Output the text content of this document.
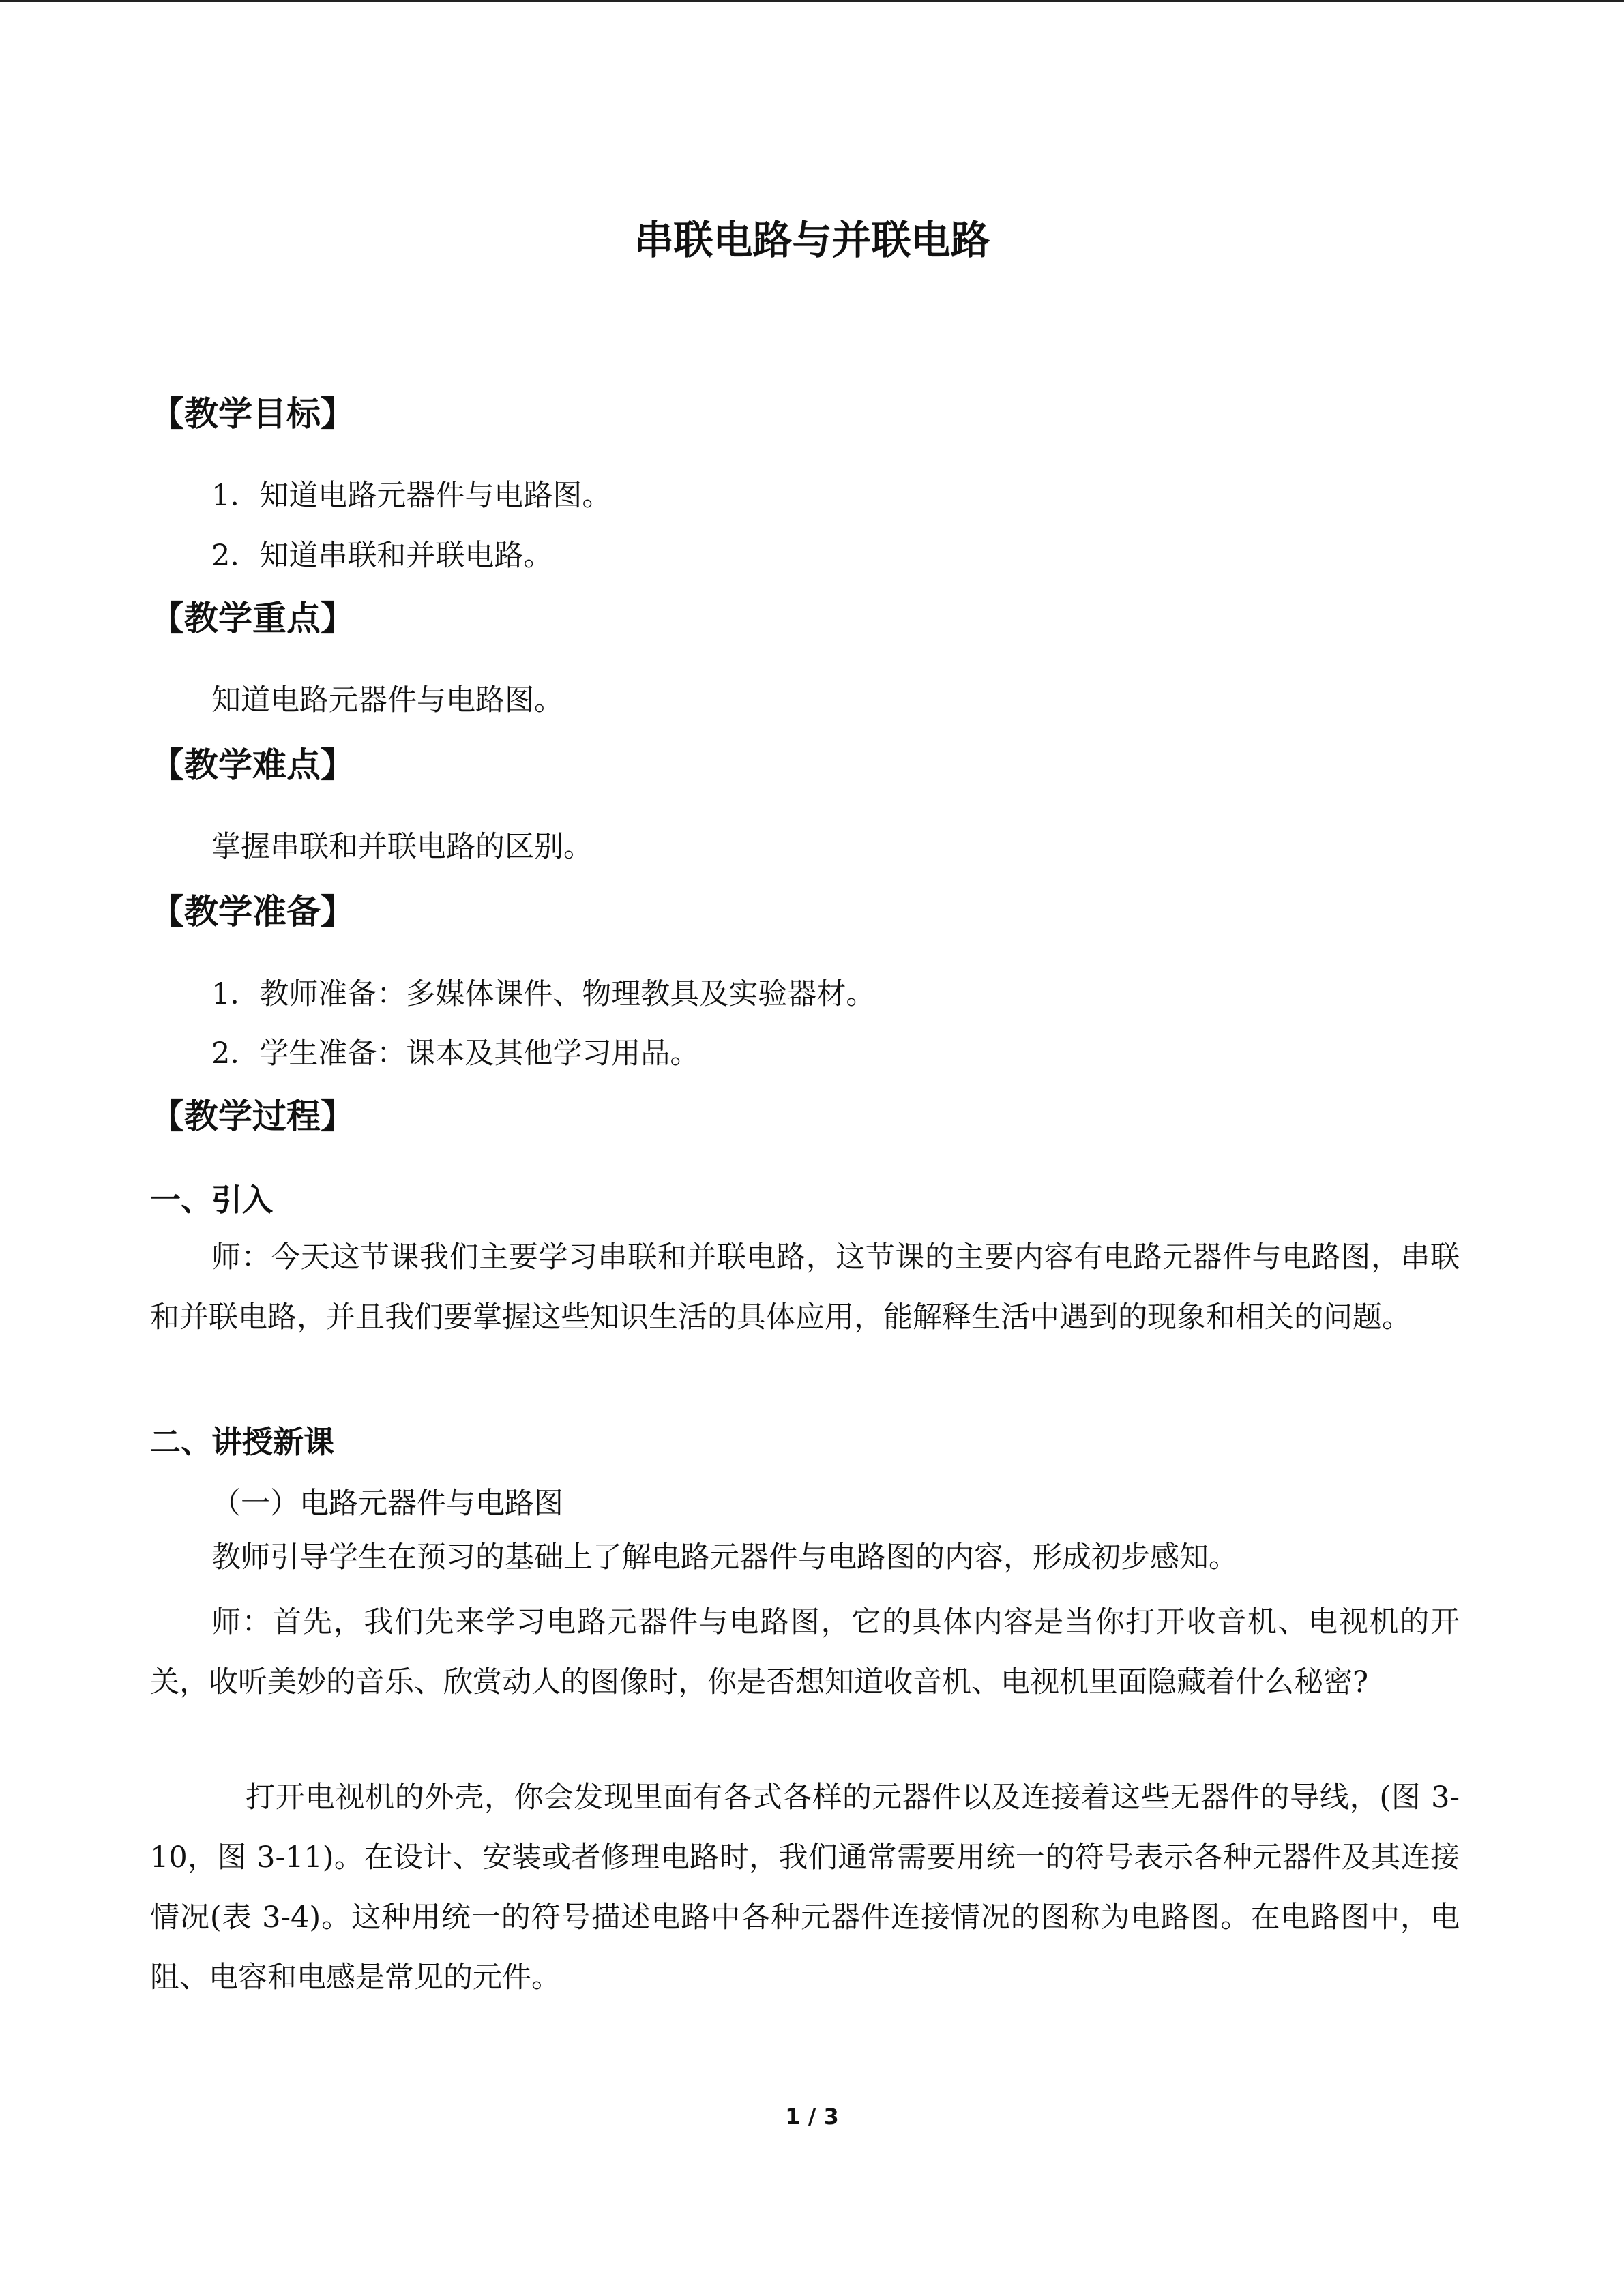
串联电路与并联电路
【教学目标】
1．知道电路元器件与电路图。
2．知道串联和并联电路。
【教学重点】
知道电路元器件与电路图。
【教学难点】
掌握串联和并联电路的区别。
【教学准备】
1．教师准备：多媒体课件、物理教具及实验器材。
2．学生准备：课本及其他学习用品。
【教学过程】
一、引入
师：今天这节课我们主要学习串联和并联电路，这节课的主要内容有电路元器件与电路图，串联和并联电路，并且我们要掌握这些知识生活的具体应用，能解释生活中遇到的现象和相关的问题。
二、讲授新课
（一）电路元器件与电路图
教师引导学生在预习的基础上了解电路元器件与电路图的内容，形成初步感知。
师：首先，我们先来学习电路元器件与电路图，它的具体内容是当你打开收音机、电视机的开关，收听美妙的音乐、欣赏动人的图像时，你是否想知道收音机、电视机里面隐藏着什么秘密?
打开电视机的外壳，你会发现里面有各式各样的元器件以及连接着这些无器件的导线，(图 3-10，图 3-11)。在设计、安装或者修理电路时，我们通常需要用统一的符号表示各种元器件及其连接情况(表 3-4)。这种用统一的符号描述电路中各种元器件连接情况的图称为电路图。在电路图中，电阻、电容和电感是常见的元件。
1 / 3
